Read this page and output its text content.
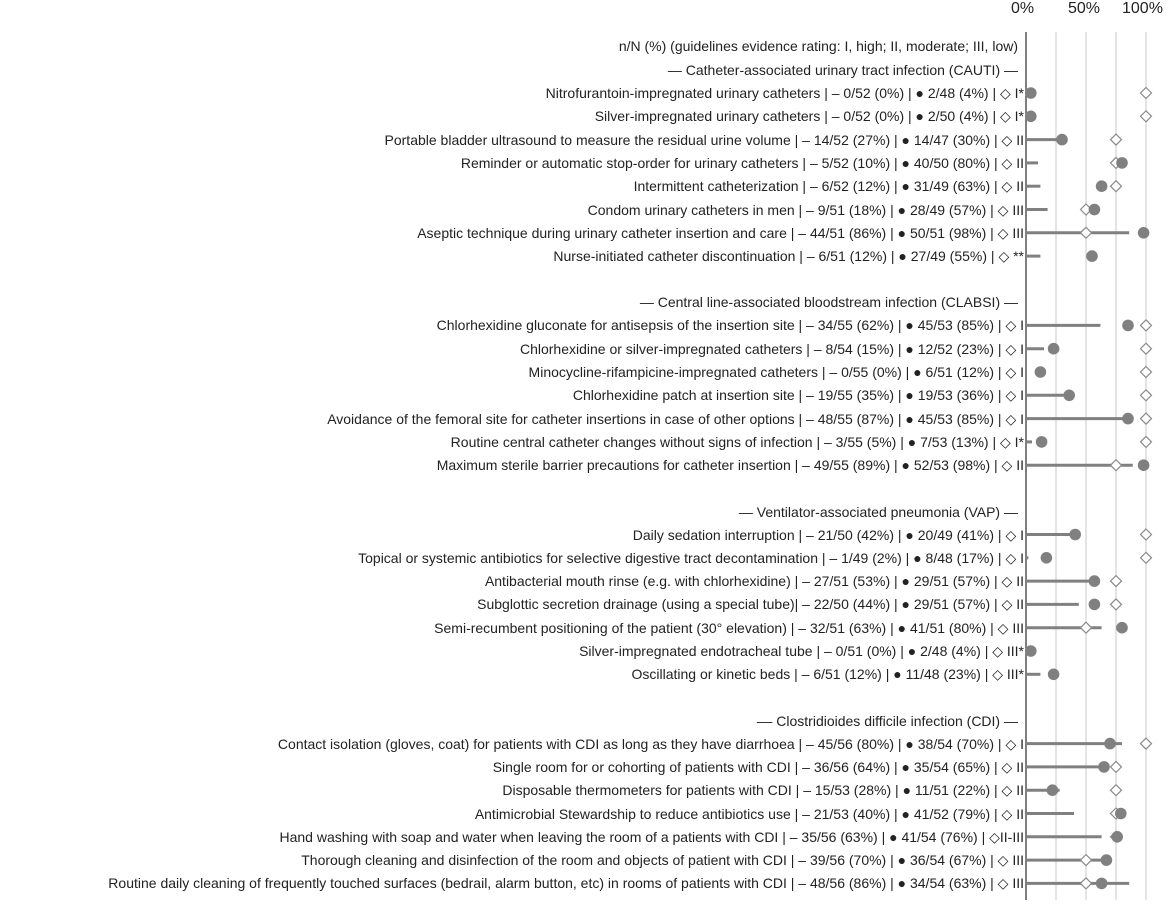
0% 50% 100%
n/N (%) (guidelines evidence rating: I, high; II, moderate; III, low)
— Catheter-associated urinary tract infection (CAUTI) —
Nitrofurantoin-impregnated urinary catheters | – 0/52 (0%) | ● 2/48 (4%) | ◇ I*
Silver-impregnated urinary catheters | – 0/52 (0%) | ● 2/50 (4%) | ◇ I*
Portable bladder ultrasound to measure the residual urine volume | – 14/52 (27%) | ● 14/47 (30%) | ◇ II
Reminder or automatic stop-order for urinary catheters | – 5/52 (10%) | ● 40/50 (80%) | ◇ II
Intermittent catheterization | – 6/52 (12%) | ● 31/49 (63%) | ◇ II
Condom urinary catheters in men | – 9/51 (18%) | ● 28/49 (57%) | ◇ III
Aseptic technique during urinary catheter insertion and care | – 44/51 (86%) | ● 50/51 (98%) | ◇ III
Nurse-initiated catheter discontinuation | – 6/51 (12%) | ● 27/49 (55%) | ◇ **
— Central line-associated bloodstream infection (CLABSI) —
Chlorhexidine gluconate for antisepsis of the insertion site | – 34/55 (62%) | ● 45/53 (85%) | ◇ I
Chlorhexidine or silver-impregnated catheters | – 8/54 (15%) | ● 12/52 (23%) | ◇ I
Minocycline-rifampicine-impregnated catheters | – 0/55 (0%) | ● 6/51 (12%) | ◇ I
Chlorhexidine patch at insertion site | – 19/55 (35%) | ● 19/53 (36%) | ◇ I
Avoidance of the femoral site for catheter insertions in case of other options | – 48/55 (87%) | ● 45/53 (85%) | ◇ I
Routine central catheter changes without signs of infection | – 3/55 (5%) | ● 7/53 (13%) | ◇ I*
Maximum sterile barrier precautions for catheter insertion | – 49/55 (89%) | ● 52/53 (98%) | ◇ II
— Ventilator-associated pneumonia (VAP) —
Daily sedation interruption | – 21/50 (42%) | ● 20/49 (41%) | ◇ I
Topical or systemic antibiotics for selective digestive tract decontamination | – 1/49 (2%) | ● 8/48 (17%) | ◇ I
Antibacterial mouth rinse (e.g. with chlorhexidine) | – 27/51 (53%) | ● 29/51 (57%) | ◇ II
Subglottic secretion drainage (using a special tube)| – 22/50 (44%) | ● 29/51 (57%) | ◇ II
Semi-recumbent positioning of the patient (30° elevation) | – 32/51 (63%) | ● 41/51 (80%) | ◇ III
Silver-impregnated endotracheal tube | – 0/51 (0%) | ● 2/48 (4%) | ◇ III*
Oscillating or kinetic beds | – 6/51 (12%) | ● 11/48 (23%) | ◇ III*
–– Clostridioides difficile infection (CDI) —
Contact isolation (gloves, coat) for patients with CDI as long as they have diarrhoea | – 45/56 (80%) | ● 38/54 (70%) | ◇ I
Single room for or cohorting of patients with CDI | – 36/56 (64%) | ● 35/54 (65%) | ◇ II
Disposable thermometers for patients with CDI | – 15/53 (28%) | ● 11/51 (22%) | ◇ II
Antimicrobial Stewardship to reduce antibiotics use | – 21/53 (40%) | ● 41/52 (79%) | ◇ II
Hand washing with soap and water when leaving the room of a patients with CDI | – 35/56 (63%) | ● 41/54 (76%) | ◇II-III
Thorough cleaning and disinfection of the room and objects of patient with CDI | – 39/56 (70%) | ● 36/54 (67%) | ◇ III
Routine daily cleaning of frequently touched surfaces (bedrail, alarm button, etc) in rooms of patients with CDI | – 48/56 (86%) | ● 34/54 (63%) | ◇ III
